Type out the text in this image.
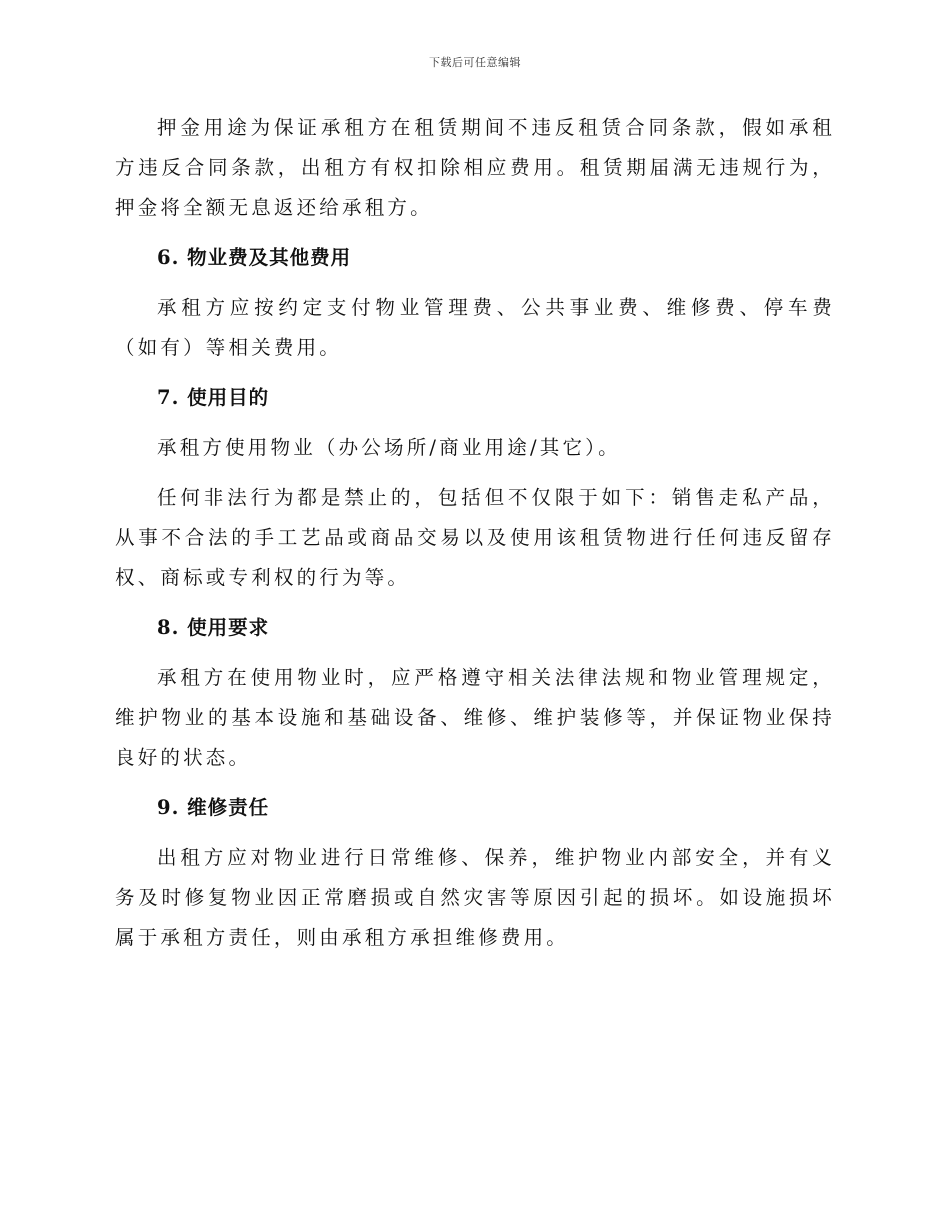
下载后可任意编辑

押金用途为保证承租方在租赁期间不违反租赁合同条款，假如承租方违反合同条款，出租方有权扣除相应费用。租赁期届满无违规行为，押金将全额无息返还给承租方。

6. 物业费及其他费用

承租方应按约定支付物业管理费、公共事业费、维修费、停车费（如有）等相关费用。

7. 使用目的

承租方使用物业（办公场所/商业用途/其它）。

任何非法行为都是禁止的，包括但不仅限于如下：销售走私产品，从事不合法的手工艺品或商品交易以及使用该租赁物进行任何违反留存权、商标或专利权的行为等。

8. 使用要求

承租方在使用物业时，应严格遵守相关法律法规和物业管理规定，维护物业的基本设施和基础设备、维修、维护装修等，并保证物业保持良好的状态。

9. 维修责任

出租方应对物业进行日常维修、保养，维护物业内部安全，并有义务及时修复物业因正常磨损或自然灾害等原因引起的损坏。如设施损坏属于承租方责任，则由承租方承担维修费用。
